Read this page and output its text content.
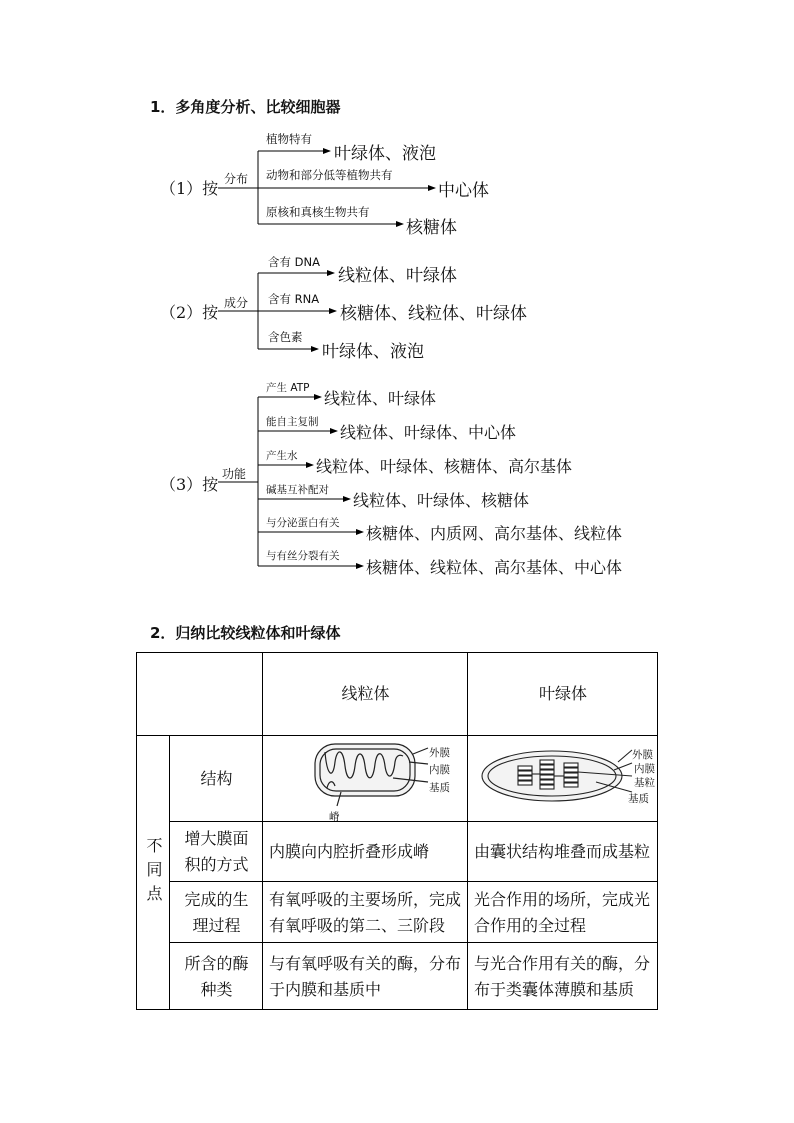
1．多角度分析、比较细胞器
（1）按 分布
植物特有
叶绿体、液泡
动物和部分低等植物共有
中心体
原核和真核生物共有
核糖体
（2）按 成分
含有 DNA
线粒体、叶绿体
含有 RNA
核糖体、线粒体、叶绿体
含色素
叶绿体、液泡
（3）按
功能
产生 ATP
线粒体、叶绿体
能自主复制
线粒体、叶绿体、中心体
产生水
线粒体、叶绿体、核糖体、高尔基体
碱基互补配对
线粒体、叶绿体、核糖体
与分泌蛋白有关
核糖体、内质网、高尔基体、线粒体
与有丝分裂有关
核糖体、线粒体、高尔基体、中心体
2．归纳比较线粒体和叶绿体
线粒体	叶绿体
不同点
结构
外膜
内膜
基质
嵴
外膜
内膜
基粒
基质
增大膜面积的方式
内膜向内腔折叠形成嵴	由囊状结构堆叠而成基粒
完成的生理过程
有氧呼吸的主要场所，完成有氧呼吸的第二、三阶段
光合作用的场所，完成光合作用的全过程
所含的酶种类
与有氧呼吸有关的酶，分布于内膜和基质中
与光合作用有关的酶，分布于类囊体薄膜和基质
